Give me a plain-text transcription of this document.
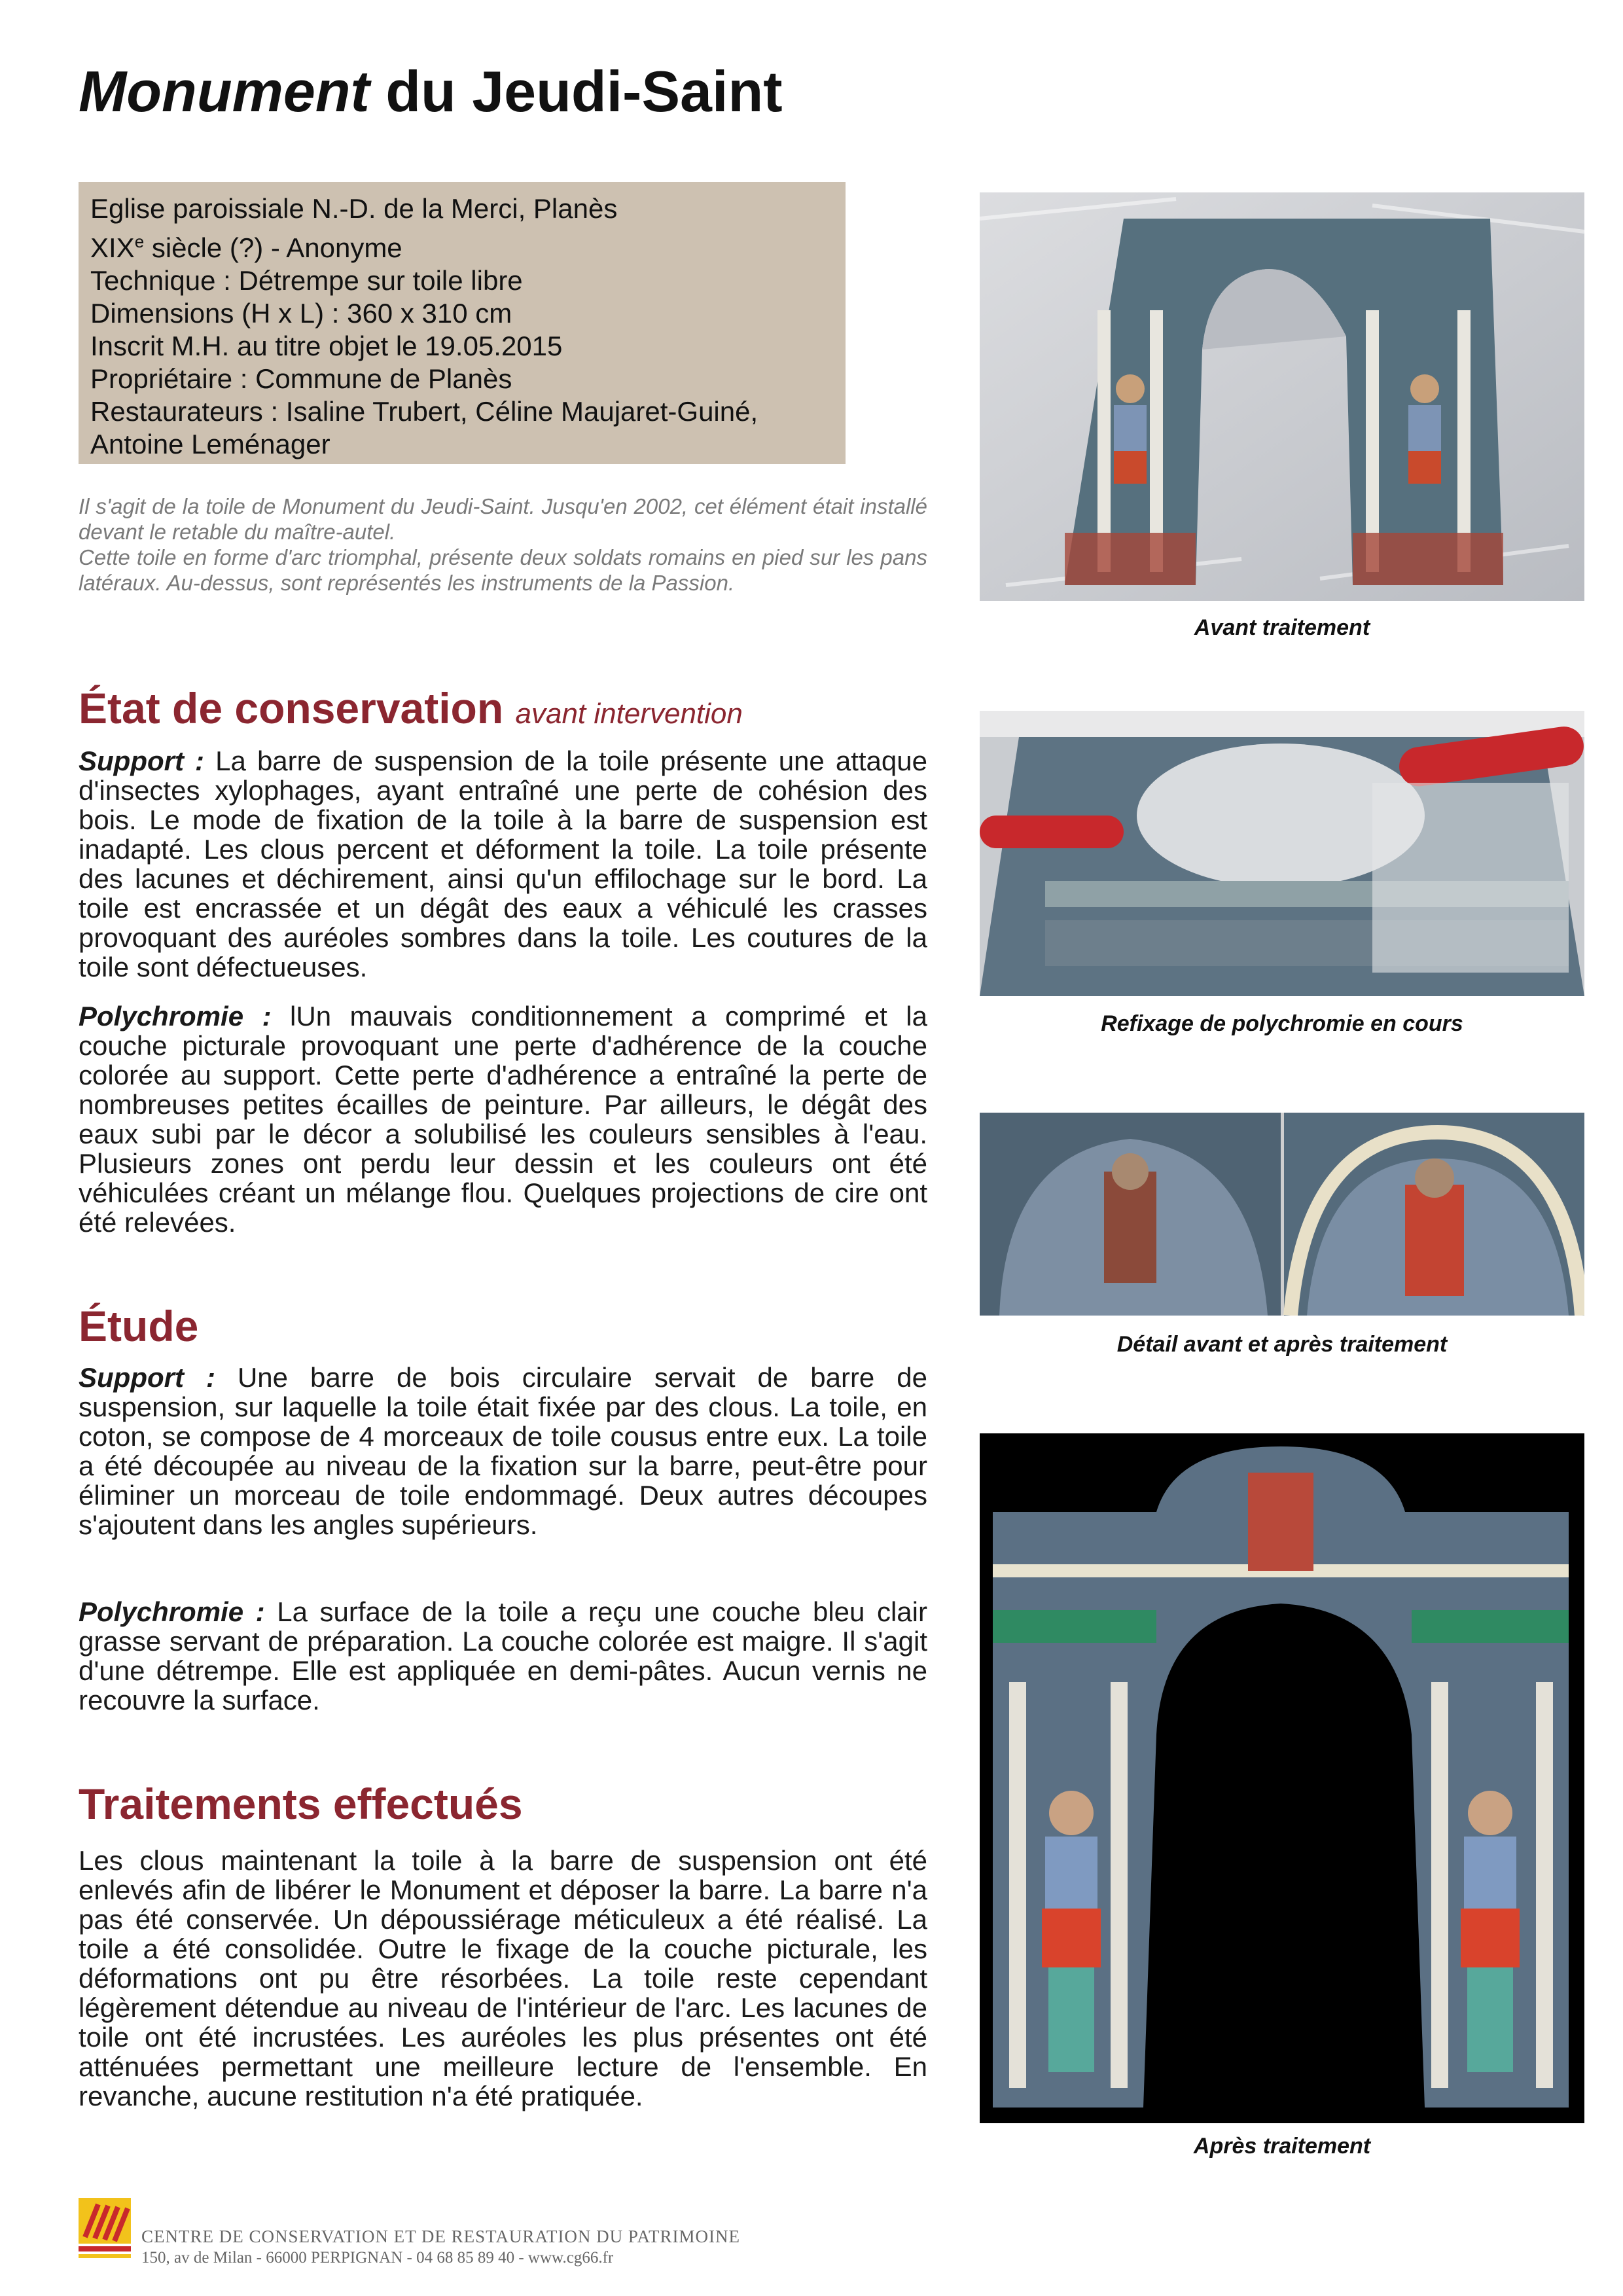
Monument du Jeudi-Saint
Eglise paroissiale N.-D. de la Merci, Planès
XIXe siècle (?) - Anonyme
Technique : Détrempe sur toile libre
Dimensions (H x L) : 360 x 310 cm
Inscrit M.H. au titre objet le 19.05.2015
Propriétaire : Commune de Planès
Restaurateurs : Isaline Trubert, Céline Maujaret-Guiné,
Antoine Leménager
Il s'agit de la toile de Monument du Jeudi-Saint. Jusqu'en 2002, cet élément était installé devant le retable du maître-autel.
Cette toile en forme d'arc triomphal, présente deux soldats romains en pied sur les pans latéraux. Au-dessus, sont représentés les instruments de la Passion.
État de conservation avant intervention

Support : La barre de suspension de la toile présente une attaque d'insectes xylophages, ayant entraîné une perte de cohésion des bois. Le mode de fixation de la toile à la barre de suspension est inadapté. Les clous percent et déforment la toile. La toile présente des lacunes et déchirement, ainsi qu'un effilochage sur le bord. La toile est encrassée et un dégât des eaux a véhiculé les crasses provoquant des auréoles sombres dans la toile. Les coutures de la toile sont défectueuses.

Polychromie : lUn mauvais conditionnement a comprimé et la couche picturale provoquant une perte d'adhérence de la couche colorée au support. Cette perte d'adhérence a entraîné la perte de nombreuses petites écailles de peinture. Par ailleurs, le dégât des eaux subi par le décor a solubilisé les couleurs sensibles à l'eau. Plusieurs zones ont perdu leur dessin et les couleurs ont été véhiculées créant un mélange flou. Quelques projections de cire ont été relevées.

Étude

Support : Une barre de bois circulaire servait de barre de suspension, sur laquelle la toile était fixée par des clous. La toile, en coton, se compose de 4 morceaux de toile cousus entre eux. La toile a été découpée au niveau de la fixation sur la barre, peut-être pour éliminer un morceau de toile endommagé. Deux autres découpes s'ajoutent dans les angles supérieurs.

Polychromie : La surface de la toile a reçu une couche bleu clair grasse servant de préparation. La couche colorée est maigre. Il s'agit d'une détrempe. Elle est appliquée en demi-pâtes. Aucun vernis ne recouvre la surface.

Traitements effectués

Les clous maintenant la toile à la barre de suspension ont été enlevés afin de libérer le Monument et déposer la barre. La barre n'a pas été conservée. Un dépoussiérage méticuleux a été réalisé. La toile a été consolidée. Outre le fixage de la couche picturale, les déformations ont pu être résorbées. La toile reste cependant légèrement détendue au niveau de l'intérieur de l'arc. Les lacunes de toile ont été incrustées. Les auréoles les plus présentes ont été atténuées permettant une meilleure lecture de l'ensemble. En revanche, aucune restitution n'a été pratiquée.

Avant traitement
Refixage de polychromie en cours
Détail avant et après traitement
Après traitement
CENTRE DE CONSERVATION ET DE RESTAURATION DU PATRIMOINE
150, av de Milan - 66000 PERPIGNAN - 04 68 85 89 40 - www.cg66.fr
